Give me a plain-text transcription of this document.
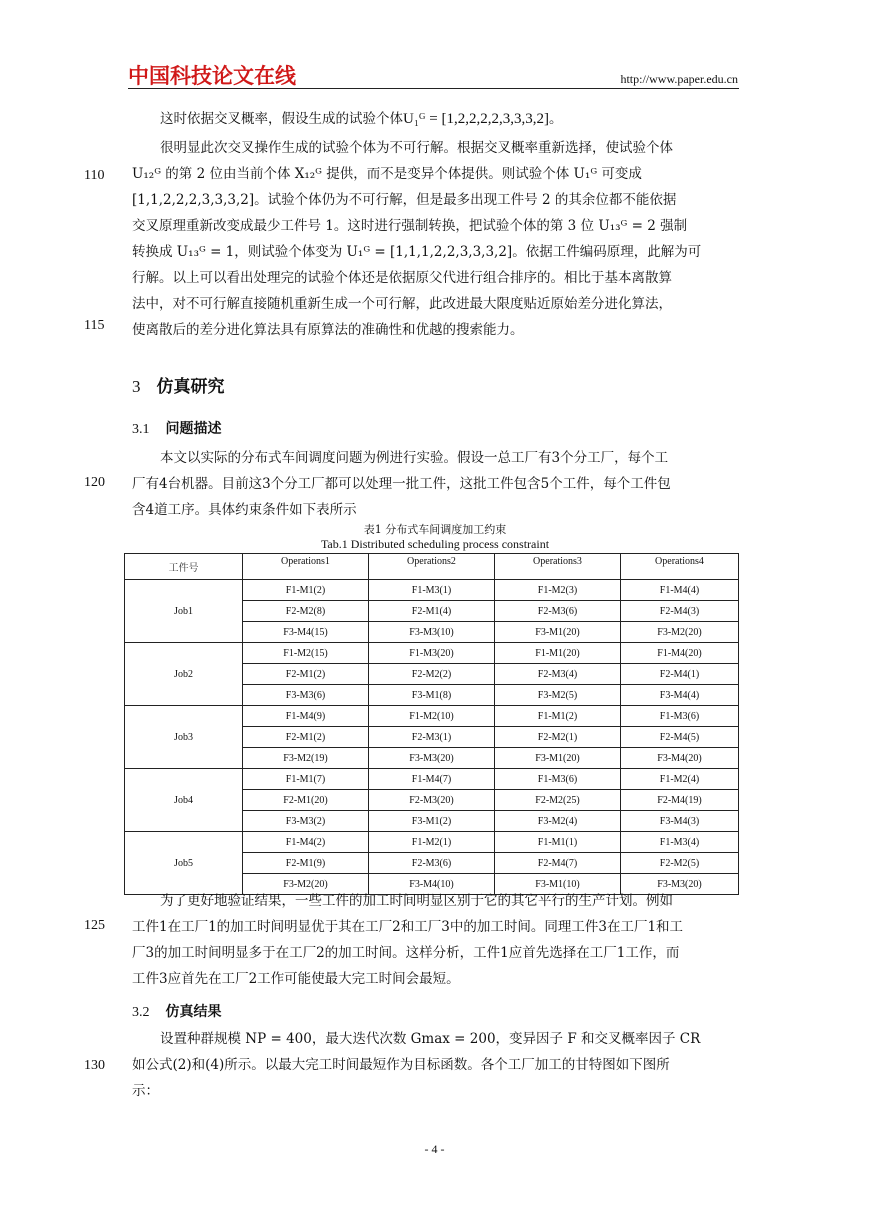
中国科技论文在线	http://www.paper.edu.cn
这时依据交叉概率，假设生成的试验个体U₁ᴳ = [1,2,2,2,2,3,3,3,2]。
110
很明显此次交叉操作生成的试验个体为不可行解。根据交叉概率重新选择，使试验个体
U₁₂ᴳ 的第 2 位由当前个体 X₁₂ᴳ 提供，而不是变异个体提供。则试验个体 U₁ᴳ 可变成
[1,1,2,2,2,3,3,3,2]。试验个体仍为不可行解，但是最多出现工件号 2 的其余位都不能依据
交叉原理重新改变成最少工件号 1。这时进行强制转换，把试验个体的第 3 位 U₁₃ᴳ = 2 强制
转换成 U₁₃ᴳ = 1，则试验个体变为 U₁ᴳ = [1,1,1,2,2,3,3,3,2]。依据工件编码原理，此解为可
行解。以上可以看出处理完的试验个体还是依据原父代进行组合排序的。相比于基本离散算
法中，对不可行解直接随机重新生成一个可行解，此改进最大限度贴近原始差分进化算法，
使离散后的差分进化算法具有原算法的准确性和优越的搜索能力。
115
3 仿真研究
3.1 问题描述
本文以实际的分布式车间调度问题为例进行实验。假设一总工厂有3个分工厂，每个工
厂有4台机器。目前这3个分工厂都可以处理一批工件，这批工件包含5个工件，每个工件包
含4道工序。具体约束条件如下表所示
120
表1 分布式车间调度加工约束
Tab.1 Distributed scheduling process constraint
工件号	Operations1	Operations2	Operations3	Operations4
Job1	F1-M1(2)	F1-M3(1)	F1-M2(3)	F1-M4(4)
	F2-M2(8)	F2-M1(4)	F2-M3(6)	F2-M4(3)
	F3-M4(15)	F3-M3(10)	F3-M1(20)	F3-M2(20)
Job2	F1-M2(15)	F1-M3(20)	F1-M1(20)	F1-M4(20)
	F2-M1(2)	F2-M2(2)	F2-M3(4)	F2-M4(1)
	F3-M3(6)	F3-M1(8)	F3-M2(5)	F3-M4(4)
Job3	F1-M4(9)	F1-M2(10)	F1-M1(2)	F1-M3(6)
	F2-M1(2)	F2-M3(1)	F2-M2(1)	F2-M4(5)
	F3-M2(19)	F3-M3(20)	F3-M1(20)	F3-M4(20)
Job4	F1-M1(7)	F1-M4(7)	F1-M3(6)	F1-M2(4)
	F2-M1(20)	F2-M3(20)	F2-M2(25)	F2-M4(19)
	F3-M3(2)	F3-M1(2)	F3-M2(4)	F3-M4(3)
Job5	F1-M4(2)	F1-M2(1)	F1-M1(1)	F1-M3(4)
	F2-M1(9)	F2-M3(6)	F2-M4(7)	F2-M2(5)
	F3-M2(20)	F3-M4(10)	F3-M1(10)	F3-M3(20)
为了更好地验证结果，一些工件的加工时间明显区别于它的其它平行的生产计划。例如
工件1在工厂1的加工时间明显优于其在工厂2和工厂3中的加工时间。同理工件3在工厂1和工
厂3的加工时间明显多于在工厂2的加工时间。这样分析，工件1应首先选择在工厂1工作，而
工件3应首先在工厂2工作可能使最大完工时间会最短。
125
3.2 仿真结果
设置种群规模 NP = 400，最大迭代次数 Gmax = 200，变异因子 F 和交叉概率因子 CR
如公式(2)和(4)所示。以最大完工时间最短作为目标函数。各个工厂加工的甘特图如下图所
示：
130
- 4 -
